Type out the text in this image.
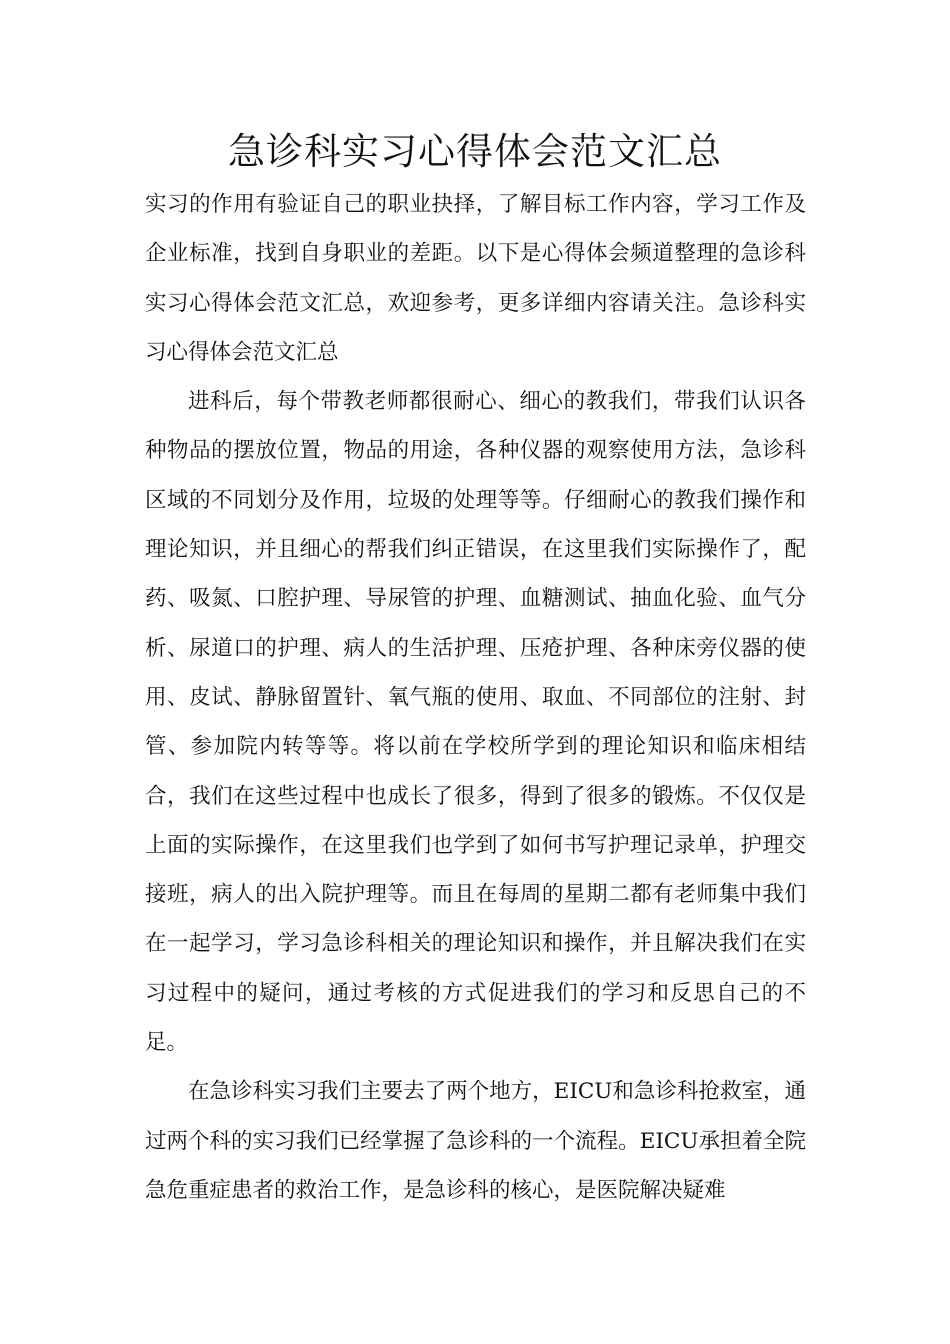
急诊科实习心得体会范文汇总

实习的作用有验证自己的职业抉择，了解目标工作内容，学习工作及企业标准，找到自身职业的差距。以下是心得体会频道整理的急诊科实习心得体会范文汇总，欢迎参考，更多详细内容请关注。急诊科实习心得体会范文汇总

进科后，每个带教老师都很耐心、细心的教我们，带我们认识各种物品的摆放位置，物品的用途，各种仪器的观察使用方法，急诊科区域的不同划分及作用，垃圾的处理等等。仔细耐心的教我们操作和理论知识，并且细心的帮我们纠正错误，在这里我们实际操作了，配药、吸氮、口腔护理、导尿管的护理、血糖测试、抽血化验、血气分析、尿道口的护理、病人的生活护理、压疮护理、各种床旁仪器的使用、皮试、静脉留置针、氧气瓶的使用、取血、不同部位的注射、封管、参加院内转等等。将以前在学校所学到的理论知识和临床相结合，我们在这些过程中也成长了很多，得到了很多的锻炼。不仅仅是上面的实际操作，在这里我们也学到了如何书写护理记录单，护理交接班，病人的出入院护理等。而且在每周的星期二都有老师集中我们在一起学习，学习急诊科相关的理论知识和操作，并且解决我们在实习过程中的疑问，通过考核的方式促进我们的学习和反思自己的不足。

在急诊科实习我们主要去了两个地方，EICU和急诊科抢救室，通过两个科的实习我们已经掌握了急诊科的一个流程。EICU承担着全院急危重症患者的救治工作，是急诊科的核心，是医院解决疑难
